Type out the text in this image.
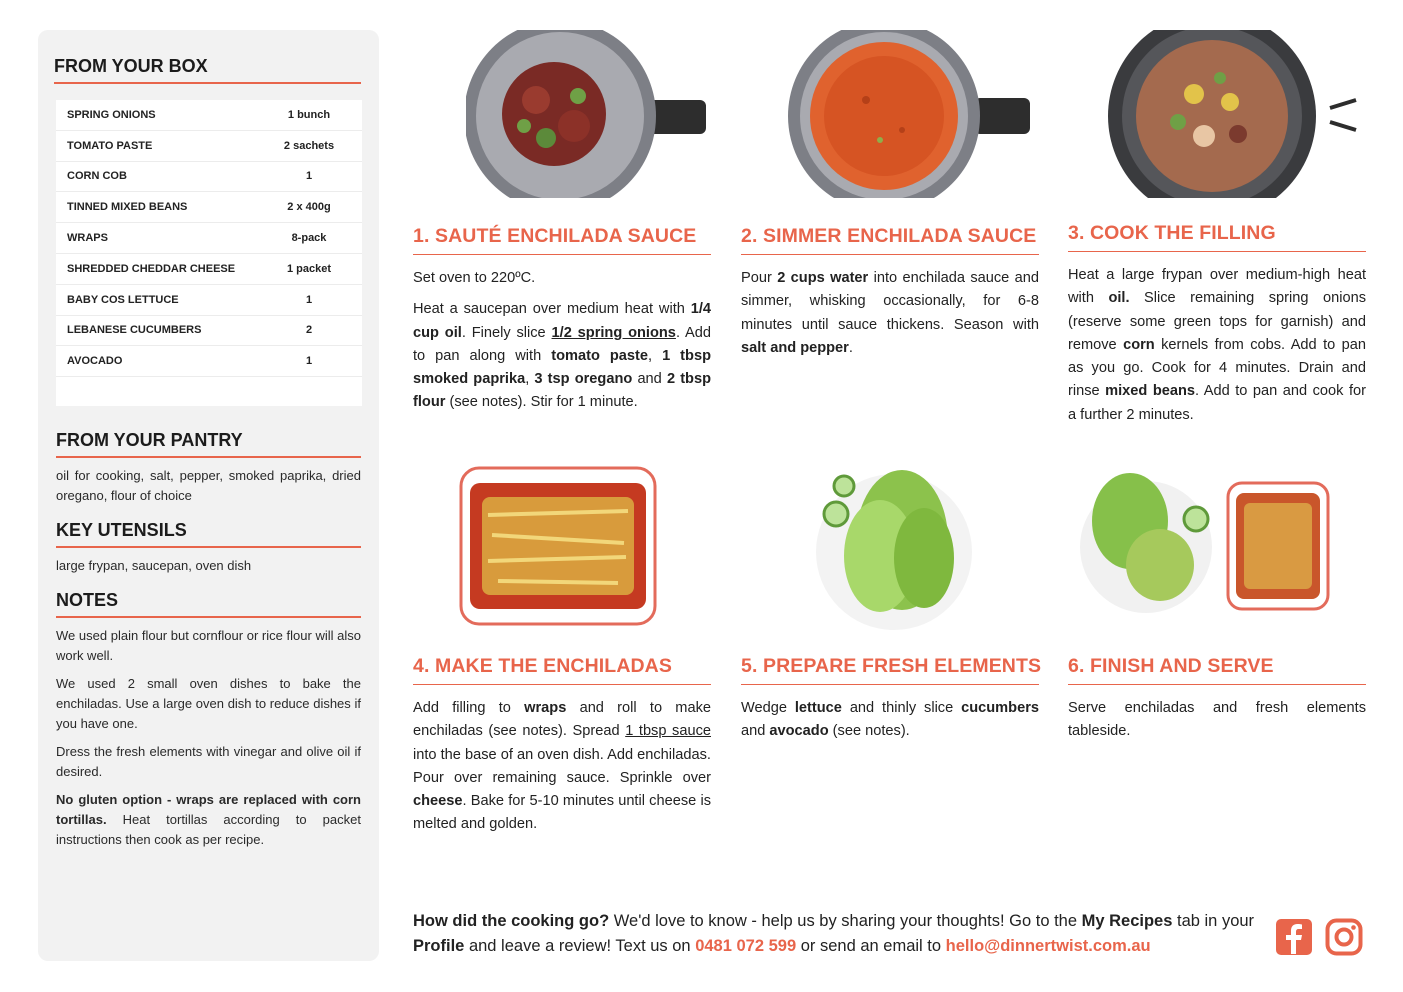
FROM YOUR BOX
SPRING ONIONS	1 bunch
TOMATO PASTE	2 sachets
CORN COB	1
TINNED MIXED BEANS	2 x 400g
WRAPS	8-pack
SHREDDED CHEDDAR CHEESE	1 packet
BABY COS LETTUCE	1
LEBANESE CUCUMBERS	2
AVOCADO	1
FROM YOUR PANTRY
oil for cooking, salt, pepper, smoked paprika, dried oregano, flour of choice
KEY UTENSILS
large frypan, saucepan, oven dish
NOTES

We used plain flour but cornflour or rice flour will also work well.

We used 2 small oven dishes to bake the enchiladas. Use a large oven dish to reduce dishes if you have one.

Dress the fresh elements with vinegar and olive oil if desired.

No gluten option - wraps are replaced with corn tortillas. Heat tortillas according to packet instructions then cook as per recipe.

1. SAUTÉ ENCHILADA SAUCE

Set oven to 220ºC.

Heat a saucepan over medium heat with 1/4 cup oil. Finely slice 1/2 spring onions. Add to pan along with tomato paste, 1 tbsp smoked paprika, 3 tsp oregano and 2 tbsp flour (see notes). Stir for 1 minute.

2. SIMMER ENCHILADA SAUCE

Pour 2 cups water into enchilada sauce and simmer, whisking occasionally, for 6-8 minutes until sauce thickens. Season with salt and pepper.

3. COOK THE FILLING

Heat a large frypan over medium-high heat with oil. Slice remaining spring onions (reserve some green tops for garnish) and remove corn kernels from cobs. Add to pan as you go. Cook for 4 minutes. Drain and rinse mixed beans. Add to pan and cook for a further 2 minutes.

4. MAKE THE ENCHILADAS

Add filling to wraps and roll to make enchiladas (see notes). Spread 1 tbsp sauce into the base of an oven dish. Add enchiladas. Pour over remaining sauce. Sprinkle over cheese. Bake for 5-10 minutes until cheese is melted and golden.

5. PREPARE FRESH ELEMENTS

Wedge lettuce and thinly slice cucumbers and avocado (see notes).

6. FINISH AND SERVE

Serve enchiladas and fresh elements tableside.

How did the cooking go? We'd love to know - help us by sharing your thoughts! Go to the My Recipes tab in your Profile and leave a review! Text us on 0481 072 599 or send an email to hello@dinnertwist.com.au
